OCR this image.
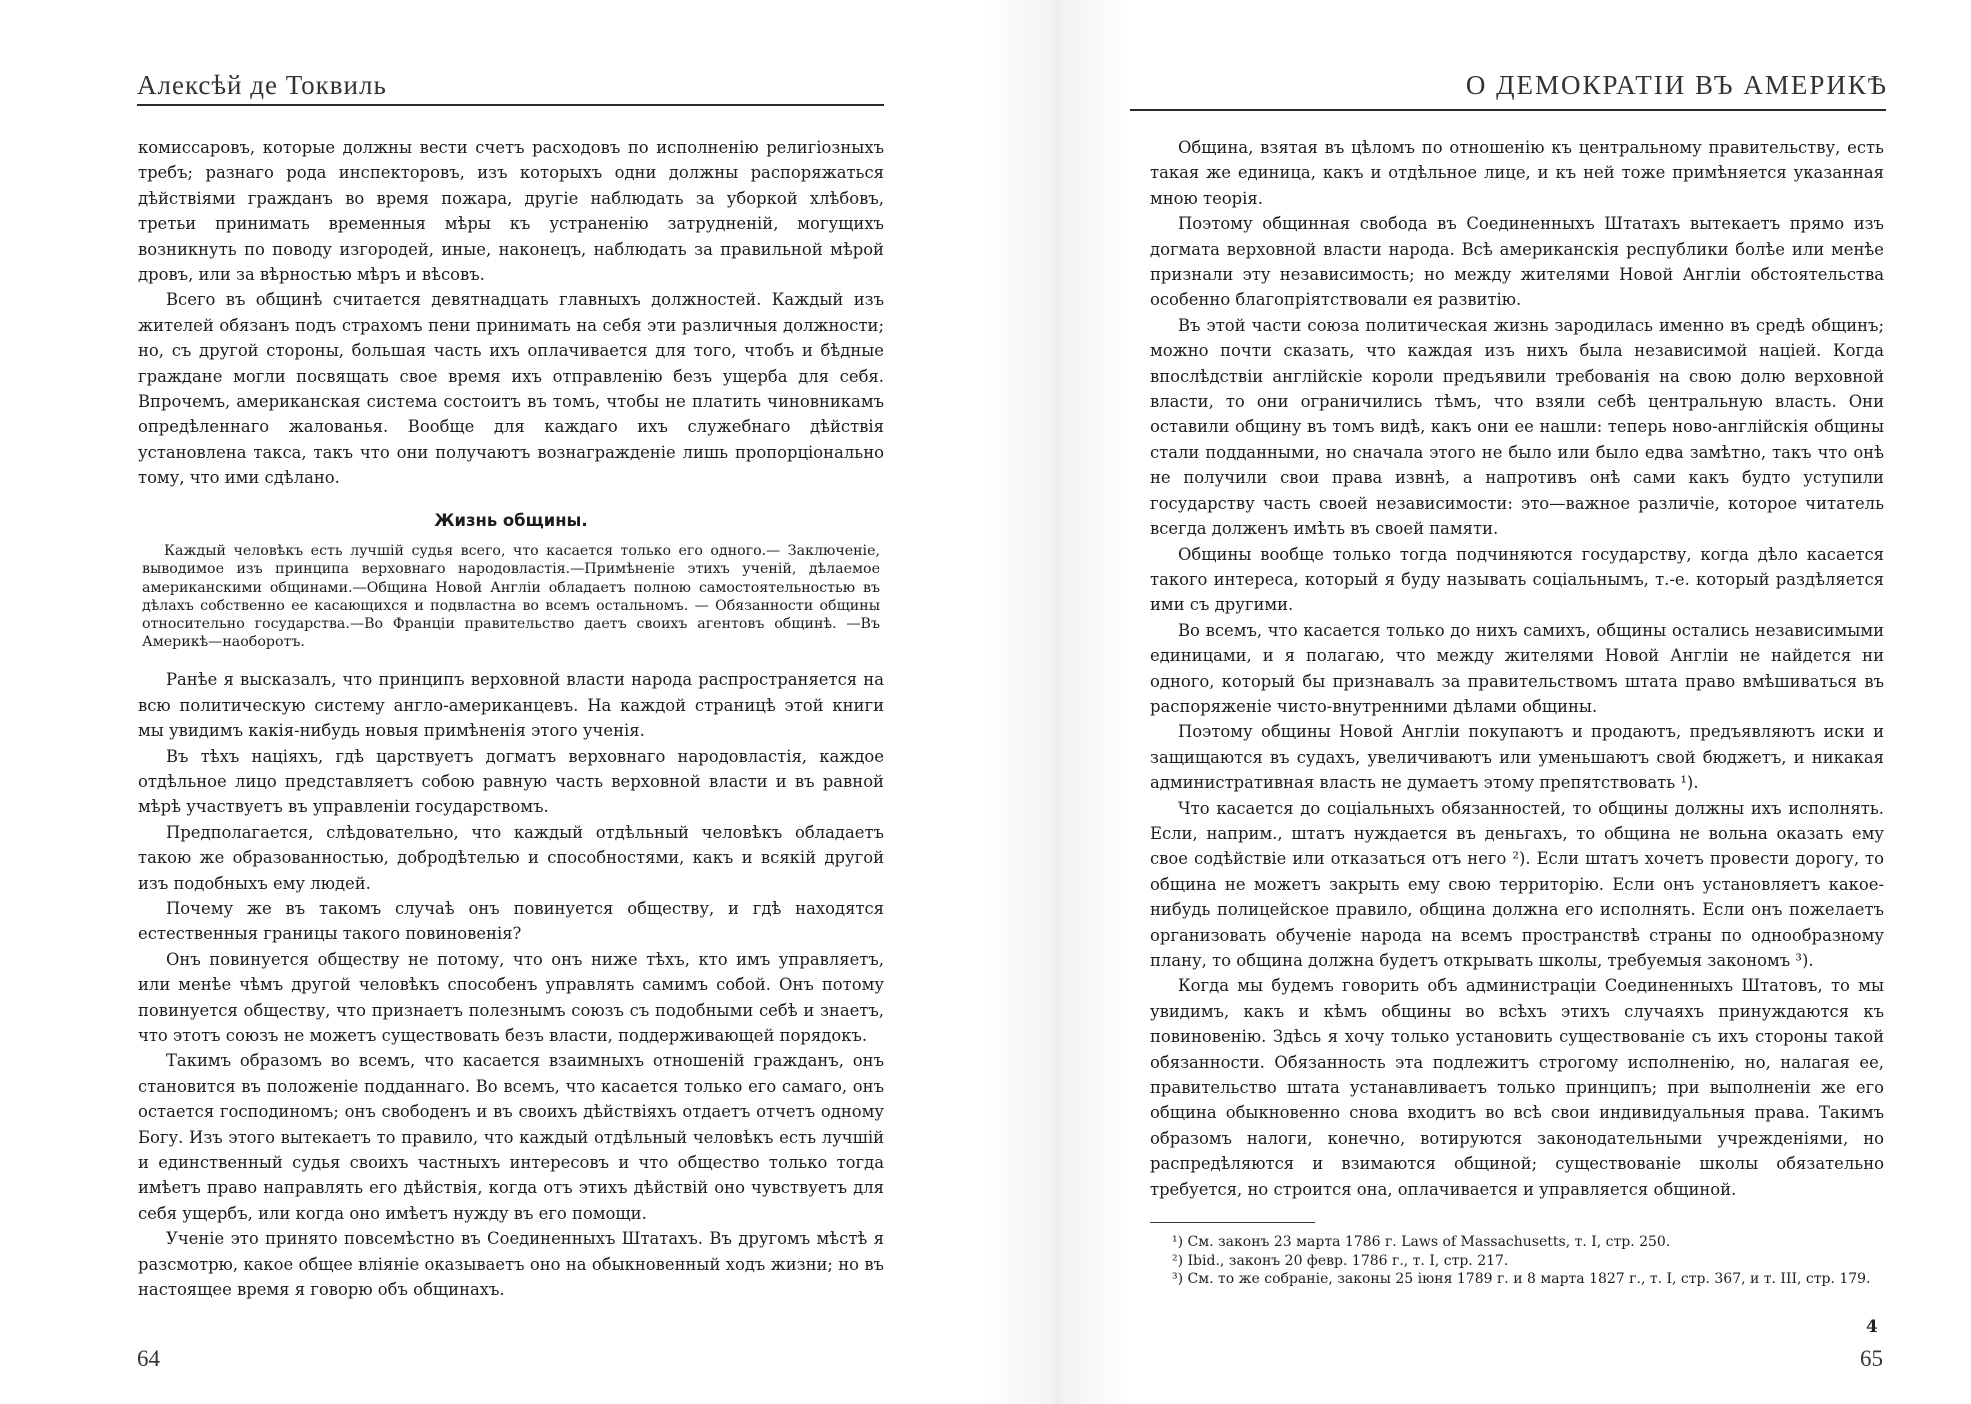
Алексѣй де Токвиль

комиссаровъ, которые должны вести счетъ расходовъ по исполненію религіозныхъ требъ; разнаго рода инспекторовъ, изъ которыхъ одни должны распоряжаться дѣйствіями гражданъ во время пожара, другіе наблюдать за уборкой хлѣбовъ, третьи принимать временныя мѣры къ устраненію затрудненій, могущихъ возникнуть по поводу изгородей, иные, наконецъ, наблюдать за правильной мѣрой дровъ, или за вѣрностью мѣръ и вѣсовъ.

Всего въ общинѣ считается девятнадцать главныхъ должностей. Каждый изъ жителей обязанъ подъ страхомъ пени принимать на себя эти различныя должности; но, съ другой стороны, большая часть ихъ оплачивается для того, чтобъ и бѣдные граждане могли посвящать свое время ихъ отправленію безъ ущерба для себя. Впрочемъ, американская система состоитъ въ томъ, чтобы не платить чиновникамъ опредѣленнаго жалованья. Вообще для каждаго ихъ служебнаго дѣйствія установлена такса, такъ что они получаютъ вознагражденіе лишь пропорціонально тому, что ими сдѣлано.

Жизнь общины.

Каждый человѣкъ есть лучшій судья всего, что касается только его одного.— Заключеніе, выводимое изъ принципа верховнаго народовластія.—Примѣненіе этихъ ученій, дѣлаемое американскими общинами.—Община Новой Англіи обладаетъ полною самостоятельностью въ дѣлахъ собственно ее касающихся и подвластна во всемъ остальномъ. — Обязанности общины относительно государства.—Во Франціи правительство даетъ своихъ агентовъ общинѣ. —Въ Америкѣ—наоборотъ.

Ранѣе я высказалъ, что принципъ верховной власти народа распространяется на всю политическую систему англо-американцевъ. На каждой страницѣ этой книги мы увидимъ какія-нибудь новыя примѣненія этого ученія.

Въ тѣхъ націяхъ, гдѣ царствуетъ догматъ верховнаго народовластія, каждое отдѣльное лицо представляетъ собою равную часть верховной власти и въ равной мѣрѣ участвуетъ въ управленіи государствомъ.

Предполагается, слѣдовательно, что каждый отдѣльный человѣкъ обладаетъ такою же образованностью, добродѣтелью и способностями, какъ и всякій другой изъ подобныхъ ему людей.

Почему же въ такомъ случаѣ онъ повинуется обществу, и гдѣ находятся естественныя границы такого повиновенія?

Онъ повинуется обществу не потому, что онъ ниже тѣхъ, кто имъ управляетъ, или менѣе чѣмъ другой человѣкъ способенъ управлять самимъ собой. Онъ потому повинуется обществу, что признаетъ полезнымъ союзъ съ подобными себѣ и знаетъ, что этотъ союзъ не можетъ существовать безъ власти, поддерживающей порядокъ.

Такимъ образомъ во всемъ, что касается взаимныхъ отношеній гражданъ, онъ становится въ положеніе подданнаго. Во всемъ, что касается только его самаго, онъ остается господиномъ; онъ свободенъ и въ своихъ дѣйствіяхъ отдаетъ отчетъ одному Богу. Изъ этого вытекаетъ то правило, что каждый отдѣльный человѣкъ есть лучшій и единственный судья своихъ частныхъ интересовъ и что общество только тогда имѣетъ право направлять его дѣйствія, когда отъ этихъ дѣйствій оно чувствуетъ для себя ущербъ, или когда оно имѣетъ нужду въ его помощи.

Ученіе это принято повсемѣстно въ Соединенныхъ Штатахъ. Въ другомъ мѣстѣ я разсмотрю, какое общее вліяніе оказываетъ оно на обыкновенный ходъ жизни; но въ настоящее время я говорю объ общинахъ.

64
О ДЕМОКРАТІИ ВЪ АМЕРИКѢ

Община, взятая въ цѣломъ по отношенію къ центральному правительству, есть такая же единица, какъ и отдѣльное лице, и къ ней тоже примѣняется указанная мною теорія.

Поэтому общинная свобода въ Соединенныхъ Штатахъ вытекаетъ прямо изъ догмата верховной власти народа. Всѣ американскія республики болѣе или менѣе признали эту независимость; но между жителями Новой Англіи обстоятельства особенно благопріятствовали ея развитію.

Въ этой части союза политическая жизнь зародилась именно въ средѣ общинъ; можно почти сказать, что каждая изъ нихъ была независимой націей. Когда впослѣдствіи англійскіе короли предъявили требованія на свою долю верховной власти, то они ограничились тѣмъ, что взяли себѣ центральную власть. Они оставили общину въ томъ видѣ, какъ они ее нашли: теперь ново-англійскія общины стали подданными, но сначала этого не было или было едва замѣтно, такъ что онѣ не получили свои права извнѣ, а напротивъ онѣ сами какъ будто уступили государству часть своей независимости: это—важное различіе, которое читатель всегда долженъ имѣть въ своей памяти.

Общины вообще только тогда подчиняются государству, когда дѣло касается такого интереса, который я буду называть соціальнымъ, т.-е. который раздѣляется ими съ другими.

Во всемъ, что касается только до нихъ самихъ, общины остались независимыми единицами, и я полагаю, что между жителями Новой Англіи не найдется ни одного, который бы признавалъ за правительствомъ штата право вмѣшиваться въ распоряженіе чисто-внутренними дѣлами общины.

Поэтому общины Новой Англіи покупаютъ и продаютъ, предъявляютъ иски и защищаются въ судахъ, увеличиваютъ или уменьшаютъ свой бюджетъ, и никакая административная власть не думаетъ этому препятствовать ¹).

Что касается до соціальныхъ обязанностей, то общины должны ихъ исполнять. Если, наприм., штатъ нуждается въ деньгахъ, то община не вольна оказать ему свое содѣйствіе или отказаться отъ него ²). Если штатъ хочетъ провести дорогу, то община не можетъ закрыть ему свою территорію. Если онъ установляетъ какое-нибудь полицейское правило, община должна его исполнять. Если онъ пожелаетъ организовать обученіе народа на всемъ пространствѣ страны по однообразному плану, то община должна будетъ открывать школы, требуемыя закономъ ³).

Когда мы будемъ говорить объ администраціи Соединенныхъ Штатовъ, то мы увидимъ, какъ и кѣмъ общины во всѣхъ этихъ случаяхъ принуждаются къ повиновенію. Здѣсь я хочу только установить существованіе съ ихъ стороны такой обязанности. Обязанность эта подлежитъ строгому исполненію, но, налагая ее, правительство штата устанавливаетъ только принципъ; при выполненіи же его община обыкновенно снова входитъ во всѣ свои индивидуальныя права. Такимъ образомъ налоги, конечно, вотируются законодательными учрежденіями, но распредѣляются и взимаются общиной; существованіе школы обязательно требуется, но строится она, оплачивается и управляется общиной.

¹) См. законъ 23 марта 1786 г. Laws of Massachusetts, т. I, стр. 250.

²) Ibid., законъ 20 февр. 1786 г., т. I, стр. 217.

³) См. то же собраніе, законы 25 іюня 1789 г. и 8 марта 1827 г., т. I, стр. 367, и т. III, стр. 179.

4
65
